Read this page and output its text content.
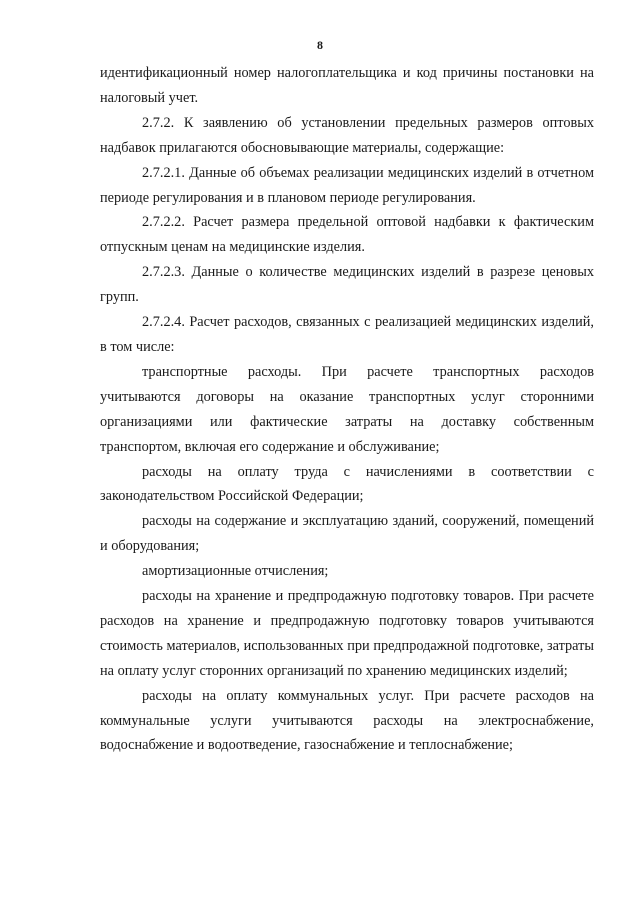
8

идентификационный номер налогоплательщика и код причины постановки на налоговый учет.

2.7.2. К заявлению об установлении предельных размеров оптовых надбавок прилагаются обосновывающие материалы, содержащие:

2.7.2.1. Данные об объемах реализации медицинских изделий в отчетном периоде регулирования и в плановом периоде регулирования.

2.7.2.2. Расчет размера предельной оптовой надбавки к фактическим отпускным ценам на медицинские изделия.

2.7.2.3. Данные о количестве медицинских изделий в разрезе ценовых групп.

2.7.2.4. Расчет расходов, связанных с реализацией медицинских изделий, в том числе:

транспортные расходы. При расчете транспортных расходов учитываются договоры на оказание транспортных услуг сторонними организациями или фактические затраты на доставку собственным транспортом, включая его содержание и обслуживание;

расходы на оплату труда с начислениями в соответствии с законодательством Российской Федерации;

расходы на содержание и эксплуатацию зданий, сооружений, помещений и оборудования;

амортизационные отчисления;

расходы на хранение и предпродажную подготовку товаров. При расчете расходов на хранение и предпродажную подготовку товаров учитываются стоимость материалов, использованных при предпродажной подготовке, затраты на оплату услуг сторонних организаций по хранению медицинских изделий;

расходы на оплату коммунальных услуг. При расчете расходов на коммунальные услуги учитываются расходы на электроснабжение, водоснабжение и водоотведение, газоснабжение и теплоснабжение;
